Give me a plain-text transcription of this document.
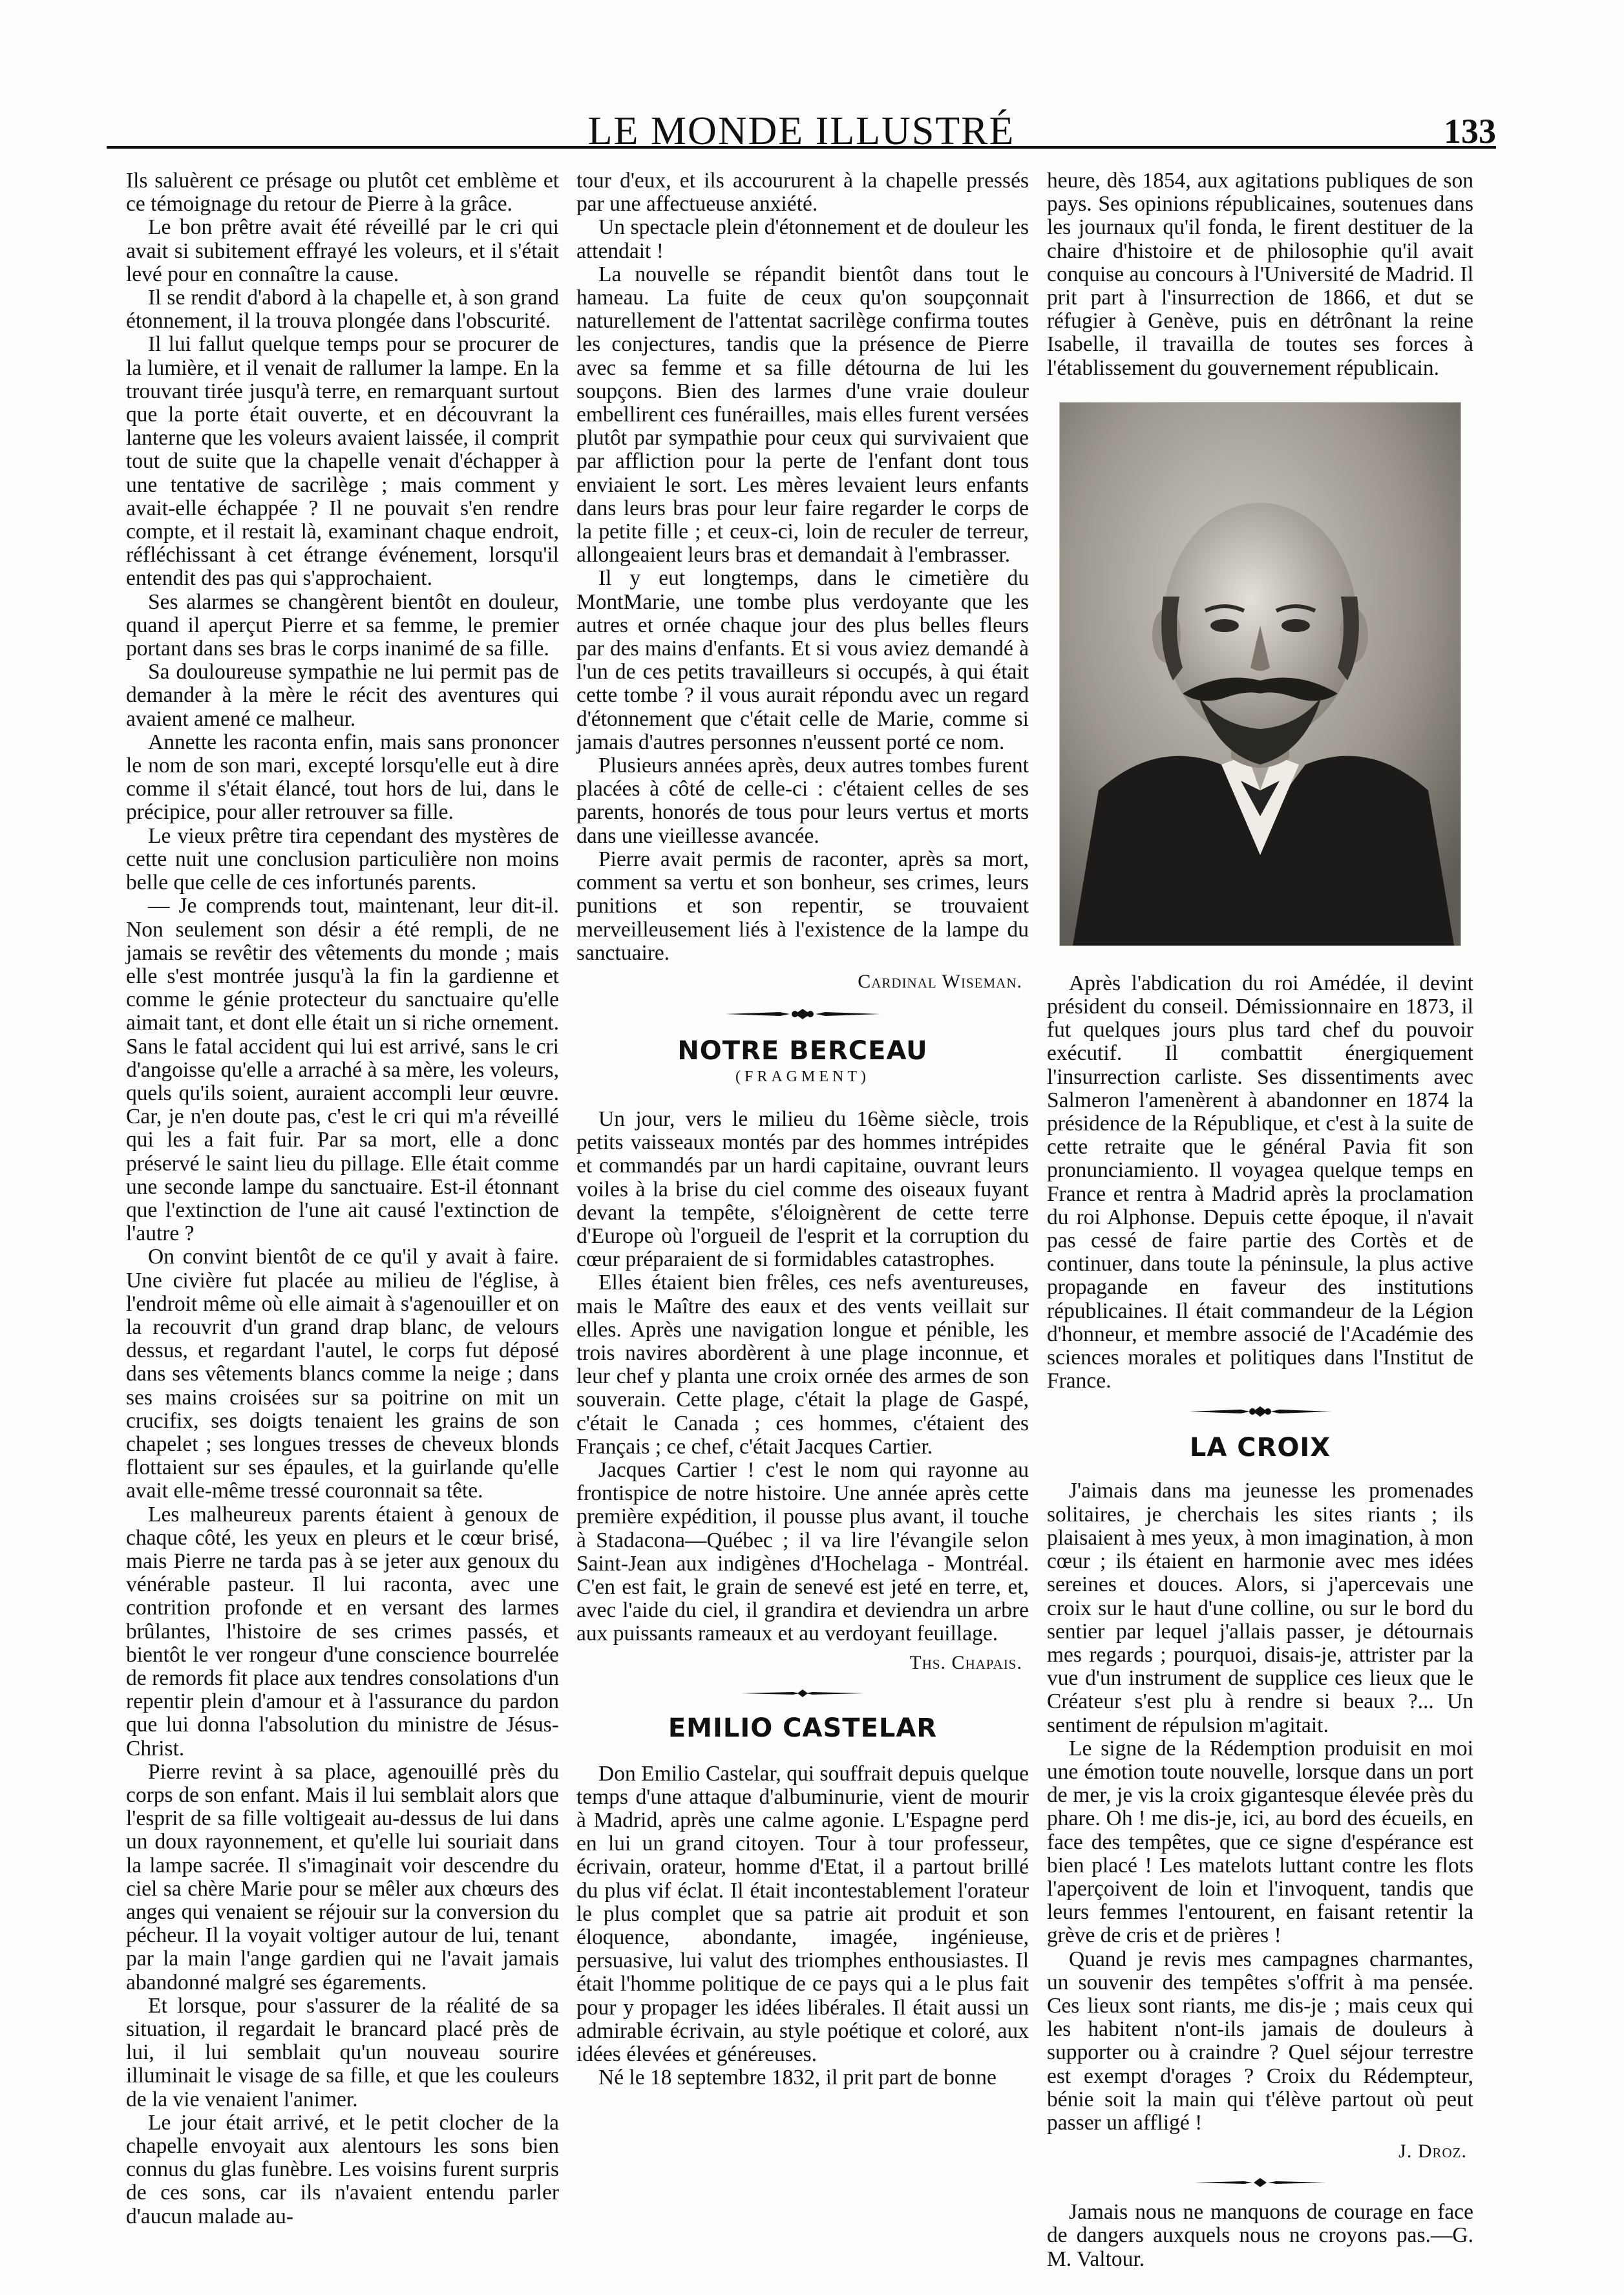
LE MONDE ILLUSTRÉ	133

Ils saluèrent ce présage ou plutôt cet emblème et ce témoignage du retour de Pierre à la grâce.

Le bon prêtre avait été réveillé par le cri qui avait si subitement effrayé les voleurs, et il s'était levé pour en connaître la cause.

Il se rendit d'abord à la chapelle et, à son grand étonnement, il la trouva plongée dans l'obscurité.

Il lui fallut quelque temps pour se procurer de la lumière, et il venait de rallumer la lampe. En la trouvant tirée jusqu'à terre, en remarquant surtout que la porte était ouverte, et en découvrant la lanterne que les voleurs avaient laissée, il comprit tout de suite que la chapelle venait d'échapper à une tentative de sacrilège ; mais comment y avait-elle échappée ? Il ne pouvait s'en rendre compte, et il restait là, examinant chaque endroit, réfléchissant à cet étrange événement, lorsqu'il entendit des pas qui s'approchaient.

Ses alarmes se changèrent bientôt en douleur, quand il aperçut Pierre et sa femme, le premier portant dans ses bras le corps inanimé de sa fille.

Sa douloureuse sympathie ne lui permit pas de demander à la mère le récit des aventures qui avaient amené ce malheur.

Annette les raconta enfin, mais sans prononcer le nom de son mari, excepté lorsqu'elle eut à dire comme il s'était élancé, tout hors de lui, dans le précipice, pour aller retrouver sa fille.

Le vieux prêtre tira cependant des mystères de cette nuit une conclusion particulière non moins belle que celle de ces infortunés parents.

— Je comprends tout, maintenant, leur dit-il. Non seulement son désir a été rempli, de ne jamais se revêtir des vêtements du monde ; mais elle s'est montrée jusqu'à la fin la gardienne et comme le génie protecteur du sanctuaire qu'elle aimait tant, et dont elle était un si riche ornement. Sans le fatal accident qui lui est arrivé, sans le cri d'angoisse qu'elle a arraché à sa mère, les voleurs, quels qu'ils soient, auraient accompli leur œuvre. Car, je n'en doute pas, c'est le cri qui m'a réveillé qui les a fait fuir. Par sa mort, elle a donc préservé le saint lieu du pillage. Elle était comme une seconde lampe du sanctuaire. Est-il étonnant que l'extinction de l'une ait causé l'extinction de l'autre ?

On convint bientôt de ce qu'il y avait à faire. Une civière fut placée au milieu de l'église, à l'endroit même où elle aimait à s'agenouiller et on la recouvrit d'un grand drap blanc, de velours dessus, et regardant l'autel, le corps fut déposé dans ses vêtements blancs comme la neige ; dans ses mains croisées sur sa poitrine on mit un crucifix, ses doigts tenaient les grains de son chapelet ; ses longues tresses de cheveux blonds flottaient sur ses épaules, et la guirlande qu'elle avait elle-même tressé couronnait sa tête.

Les malheureux parents étaient à genoux de chaque côté, les yeux en pleurs et le cœur brisé, mais Pierre ne tarda pas à se jeter aux genoux du vénérable pasteur. Il lui raconta, avec une contrition profonde et en versant des larmes brûlantes, l'histoire de ses crimes passés, et bientôt le ver rongeur d'une conscience bourrelée de remords fit place aux tendres consolations d'un repentir plein d'amour et à l'assurance du pardon que lui donna l'absolution du ministre de Jésus-Christ.

Pierre revint à sa place, agenouillé près du corps de son enfant. Mais il lui semblait alors que l'esprit de sa fille voltigeait au-dessus de lui dans un doux rayonnement, et qu'elle lui souriait dans la lampe sacrée. Il s'imaginait voir descendre du ciel sa chère Marie pour se mêler aux chœurs des anges qui venaient se réjouir sur la conversion du pécheur. Il la voyait voltiger autour de lui, tenant par la main l'ange gardien qui ne l'avait jamais abandonné malgré ses égarements.

Et lorsque, pour s'assurer de la réalité de sa situation, il regardait le brancard placé près de lui, il lui semblait qu'un nouveau sourire illuminait le visage de sa fille, et que les couleurs de la vie venaient l'animer.

Le jour était arrivé, et le petit clocher de la chapelle envoyait aux alentours les sons bien connus du glas funèbre. Les voisins furent surpris de ces sons, car ils n'avaient entendu parler d'aucun malade au-

tour d'eux, et ils accoururent à la chapelle pressés par une affectueuse anxiété.

Un spectacle plein d'étonnement et de douleur les attendait !

La nouvelle se répandit bientôt dans tout le hameau. La fuite de ceux qu'on soupçonnait naturellement de l'attentat sacrilège confirma toutes les conjectures, tandis que la présence de Pierre avec sa femme et sa fille détourna de lui les soupçons. Bien des larmes d'une vraie douleur embellirent ces funérailles, mais elles furent versées plutôt par sympathie pour ceux qui survivaient que par affliction pour la perte de l'enfant dont tous enviaient le sort. Les mères levaient leurs enfants dans leurs bras pour leur faire regarder le corps de la petite fille ; et ceux-ci, loin de reculer de terreur, allongeaient leurs bras et demandait à l'embrasser.

Il y eut longtemps, dans le cimetière du MontMarie, une tombe plus verdoyante que les autres et ornée chaque jour des plus belles fleurs par des mains d'enfants. Et si vous aviez demandé à l'un de ces petits travailleurs si occupés, à qui était cette tombe ? il vous aurait répondu avec un regard d'étonnement que c'était celle de Marie, comme si jamais d'autres personnes n'eussent porté ce nom.

Plusieurs années après, deux autres tombes furent placées à côté de celle-ci : c'étaient celles de ses parents, honorés de tous pour leurs vertus et morts dans une vieillesse avancée.

Pierre avait permis de raconter, après sa mort, comment sa vertu et son bonheur, ses crimes, leurs punitions et son repentir, se trouvaient merveilleusement liés à l'existence de la lampe du sanctuaire.

Cardinal Wiseman.
NOTRE BERCEAU
(FRAGMENT)

Un jour, vers le milieu du 16ème siècle, trois petits vaisseaux montés par des hommes intrépides et commandés par un hardi capitaine, ouvrant leurs voiles à la brise du ciel comme des oiseaux fuyant devant la tempête, s'éloignèrent de cette terre d'Europe où l'orgueil de l'esprit et la corruption du cœur préparaient de si formidables catastrophes.

Elles étaient bien frêles, ces nefs aventureuses, mais le Maître des eaux et des vents veillait sur elles. Après une navigation longue et pénible, les trois navires abordèrent à une plage inconnue, et leur chef y planta une croix ornée des armes de son souverain. Cette plage, c'était la plage de Gaspé, c'était le Canada ; ces hommes, c'étaient des Français ; ce chef, c'était Jacques Cartier.

Jacques Cartier ! c'est le nom qui rayonne au frontispice de notre histoire. Une année après cette première expédition, il pousse plus avant, il touche à Stadacona—Québec ; il va lire l'évangile selon Saint-Jean aux indigènes d'Hochelaga - Montréal. C'en est fait, le grain de senevé est jeté en terre, et, avec l'aide du ciel, il grandira et deviendra un arbre aux puissants rameaux et au verdoyant feuillage.

Ths. Chapais.
EMILIO CASTELAR

Don Emilio Castelar, qui souffrait depuis quelque temps d'une attaque d'albuminurie, vient de mourir à Madrid, après une calme agonie. L'Espagne perd en lui un grand citoyen. Tour à tour professeur, écrivain, orateur, homme d'Etat, il a partout brillé du plus vif éclat. Il était incontestablement l'orateur le plus complet que sa patrie ait produit et son éloquence, abondante, imagée, ingénieuse, persuasive, lui valut des triomphes enthousiastes. Il était l'homme politique de ce pays qui a le plus fait pour y propager les idées libérales. Il était aussi un admirable écrivain, au style poétique et coloré, aux idées élevées et généreuses.

Né le 18 septembre 1832, il prit part de bonne

heure, dès 1854, aux agitations publiques de son pays. Ses opinions républicaines, soutenues dans les journaux qu'il fonda, le firent destituer de la chaire d'histoire et de philosophie qu'il avait conquise au concours à l'Université de Madrid. Il prit part à l'insurrection de 1866, et dut se réfugier à Genève, puis en détrônant la reine Isabelle, il travailla de toutes ses forces à l'établissement du gouvernement républicain.

Après l'abdication du roi Amédée, il devint président du conseil. Démissionnaire en 1873, il fut quelques jours plus tard chef du pouvoir exécutif. Il combattit énergiquement l'insurrection carliste. Ses dissentiments avec Salmeron l'amenèrent à abandonner en 1874 la présidence de la République, et c'est à la suite de cette retraite que le général Pavia fit son pronunciamiento. Il voyagea quelque temps en France et rentra à Madrid après la proclamation du roi Alphonse. Depuis cette époque, il n'avait pas cessé de faire partie des Cortès et de continuer, dans toute la péninsule, la plus active propagande en faveur des institutions républicaines. Il était commandeur de la Légion d'honneur, et membre associé de l'Académie des sciences morales et politiques dans l'Institut de France.

LA CROIX

J'aimais dans ma jeunesse les promenades solitaires, je cherchais les sites riants ; ils plaisaient à mes yeux, à mon imagination, à mon cœur ; ils étaient en harmonie avec mes idées sereines et douces. Alors, si j'apercevais une croix sur le haut d'une colline, ou sur le bord du sentier par lequel j'allais passer, je détournais mes regards ; pourquoi, disais-je, attrister par la vue d'un instrument de supplice ces lieux que le Créateur s'est plu à rendre si beaux ?... Un sentiment de répulsion m'agitait.

Le signe de la Rédemption produisit en moi une émotion toute nouvelle, lorsque dans un port de mer, je vis la croix gigantesque élevée près du phare. Oh ! me dis-je, ici, au bord des écueils, en face des tempêtes, que ce signe d'espérance est bien placé ! Les matelots luttant contre les flots l'aperçoivent de loin et l'invoquent, tandis que leurs femmes l'entourent, en faisant retentir la grève de cris et de prières !

Quand je revis mes campagnes charmantes, un souvenir des tempêtes s'offrit à ma pensée. Ces lieux sont riants, me dis-je ; mais ceux qui les habitent n'ont-ils jamais de douleurs à supporter ou à craindre ? Quel séjour terrestre est exempt d'orages ? Croix du Rédempteur, bénie soit la main qui t'élève partout où peut passer un affligé !

J. Droz.

Jamais nous ne manquons de courage en face de dangers auxquels nous ne croyons pas.—G. M. Valtour.
